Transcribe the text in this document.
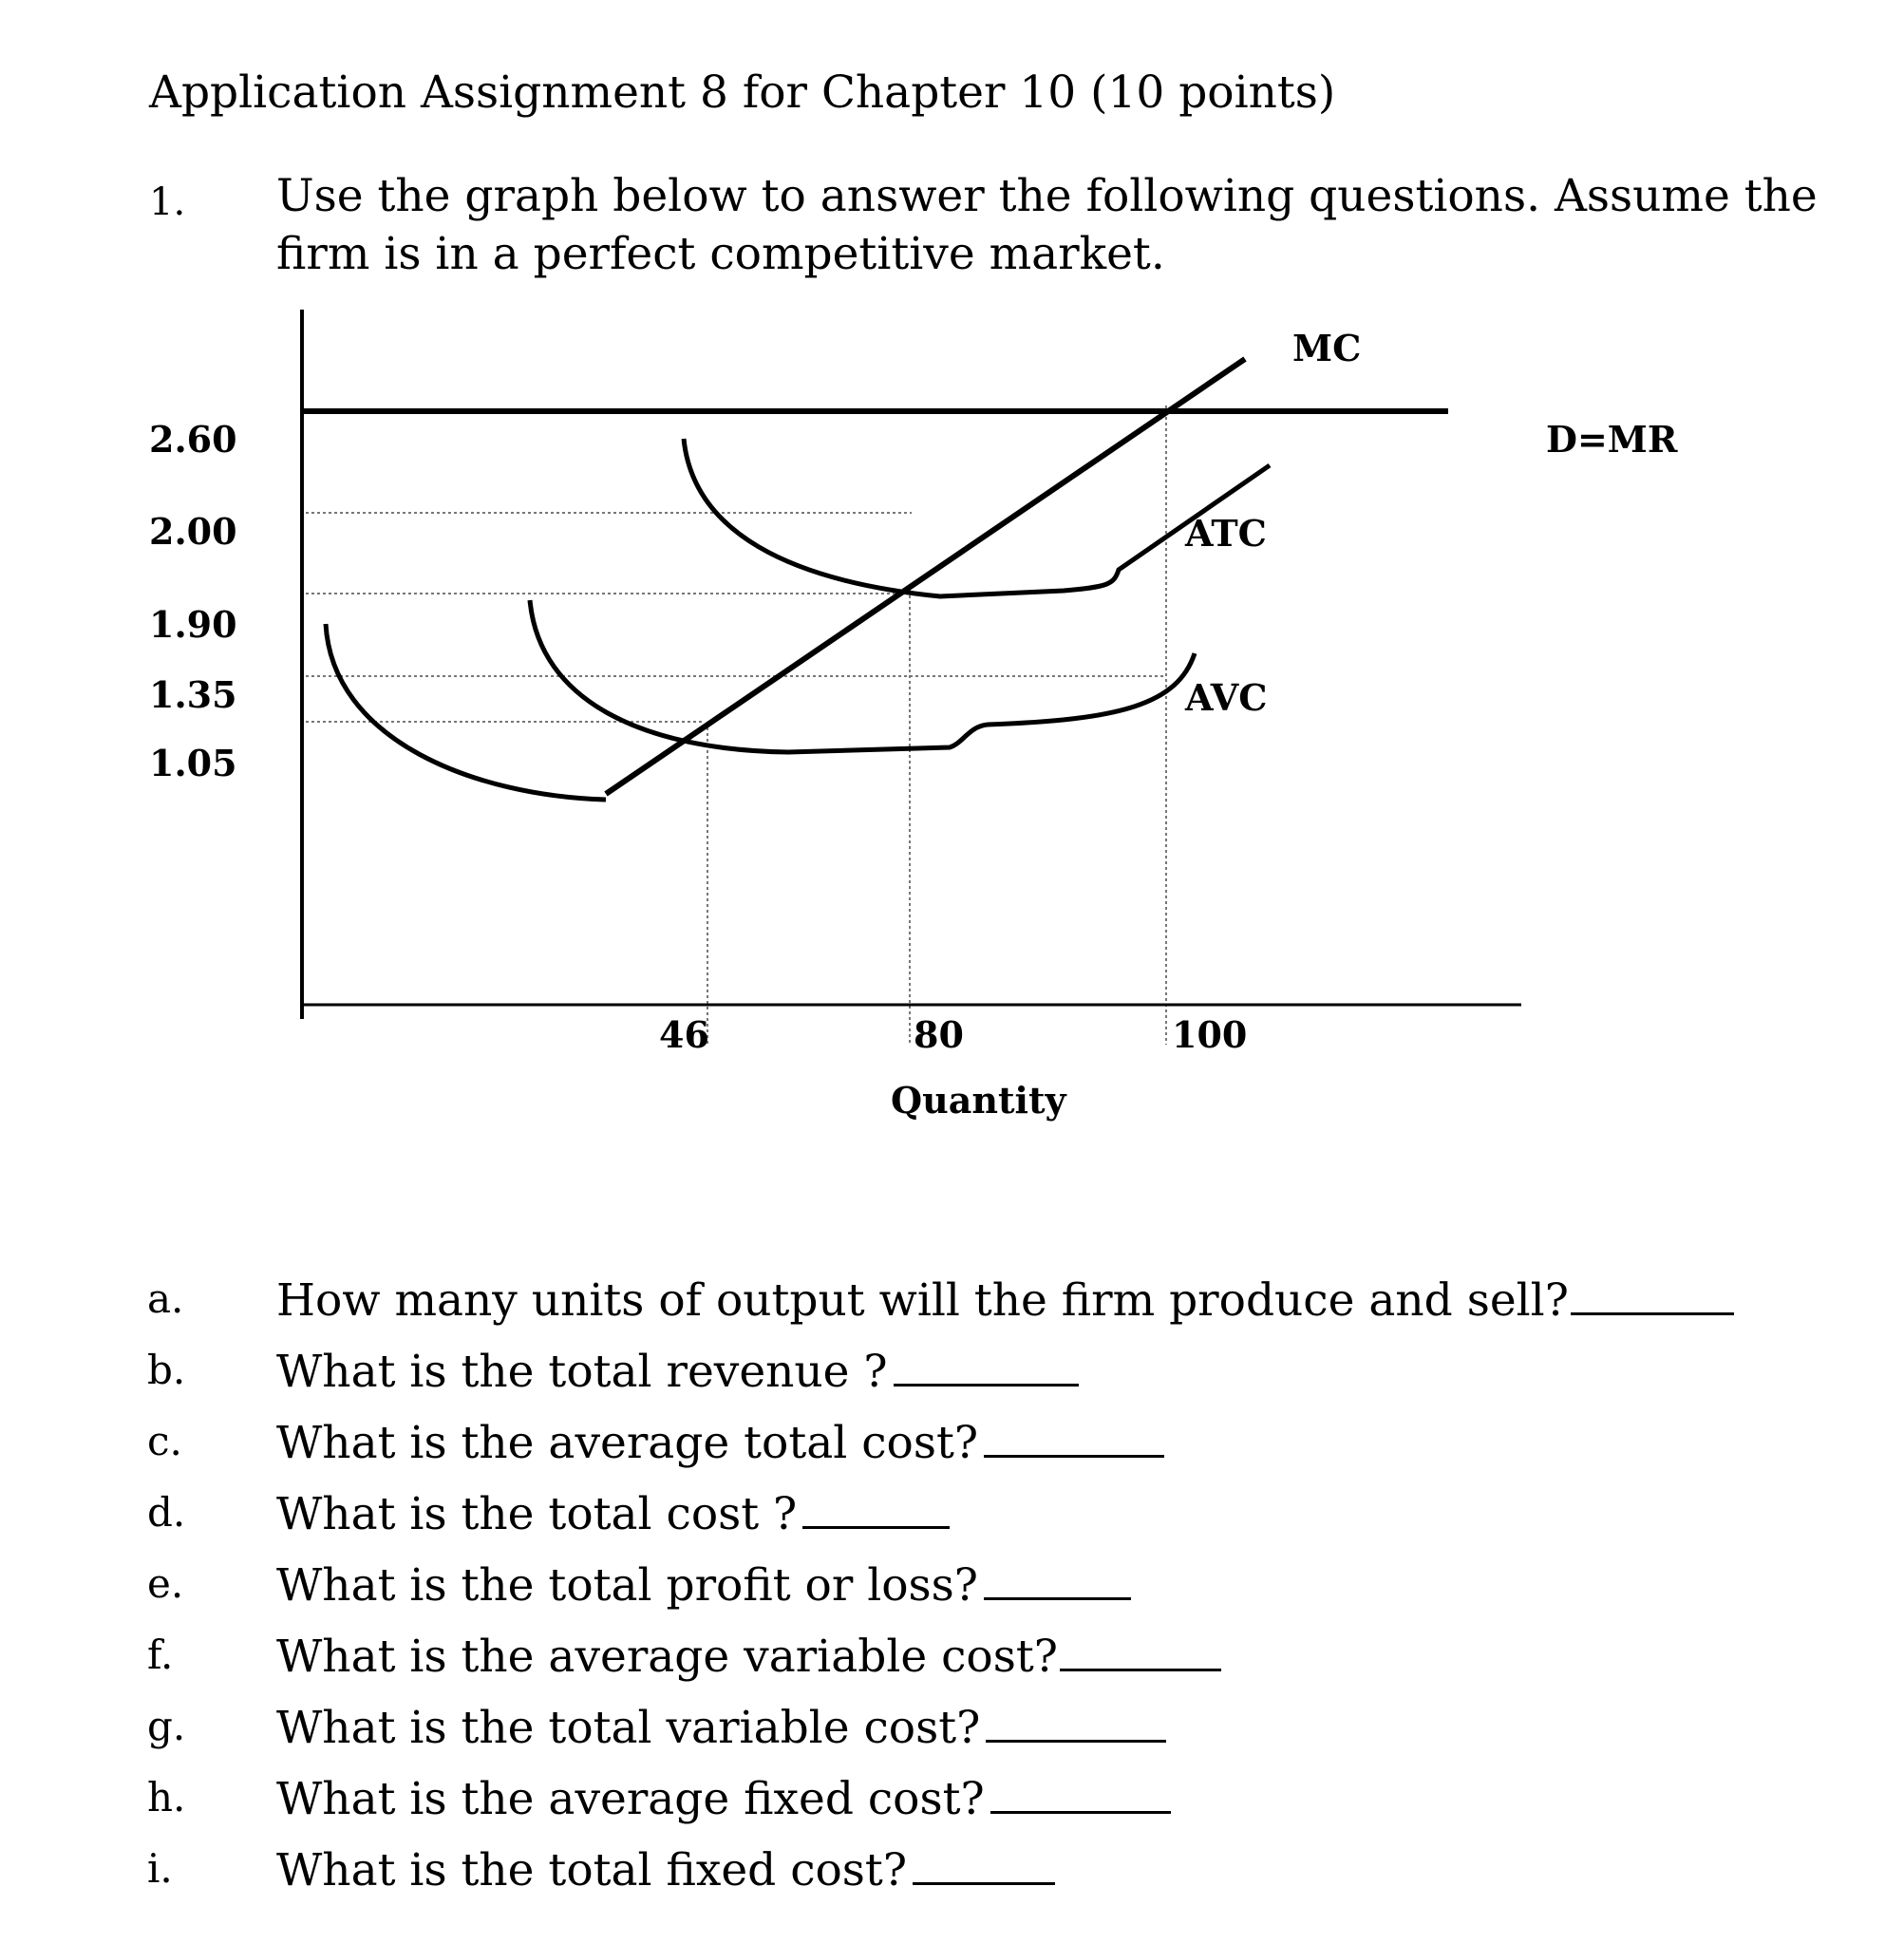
Application Assignment 8 for Chapter 10 (10 points)
1. Use the graph below to answer the following questions. Assume the
firm is in a perfect competitive market.
2.60
2.00
1.90
1.35
1.05
46	80	100
Quantity
MC
ATC
AVC
D=MR
a. How many units of output will the firm produce and sell?
b. What is the total revenue ?
c. What is the average total cost?
d. What is the total cost ?
e. What is the total profit or loss?
f. What is the average variable cost?
g. What is the total variable cost?
h. What is the average fixed cost?
i. What is the total fixed cost?
